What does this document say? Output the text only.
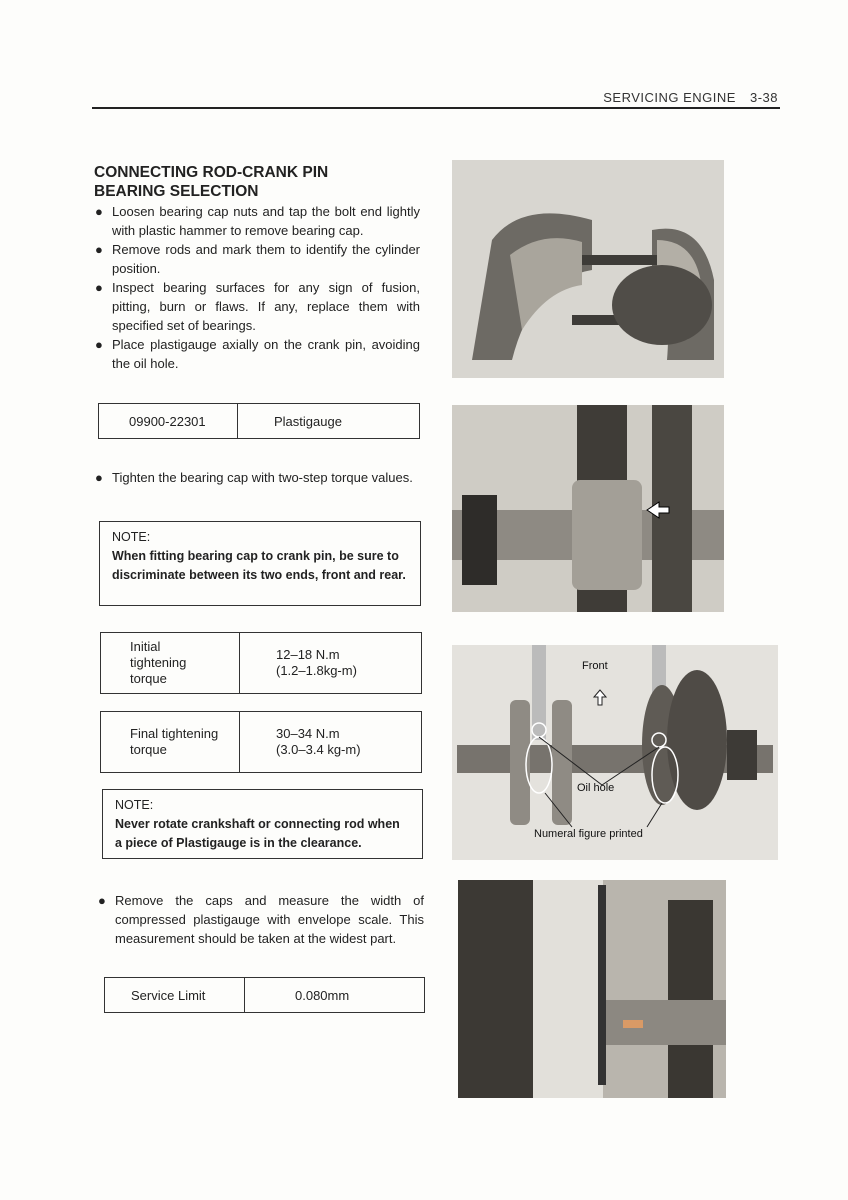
SERVICING ENGINE 3-38
CONNECTING ROD-CRANK PIN
BEARING SELECTION
● Loosen bearing cap nuts and tap the bolt end lightly with plastic hammer to remove bearing cap.
● Remove rods and mark them to identify the cylinder position.
● Inspect bearing surfaces for any sign of fusion, pitting, burn or flaws. If any, replace them with specified set of bearings.
● Place plastigauge axially on the crank pin, avoiding the oil hole.
09900-22301	Plastigauge
● Tighten the bearing cap with two-step torque values.
NOTE:
When fitting bearing cap to crank pin, be sure to discriminate between its two ends, front and rear.
Initial tightening torque
12–18 N.m
(1.2–1.8kg-m)
Final tightening torque
30–34 N.m
(3.0–3.4 kg-m)
NOTE:
Never rotate crankshaft or connecting rod when a piece of Plastigauge is in the clearance.
● Remove the caps and measure the width of compressed plastigauge with envelope scale. This measurement should be taken at the widest part.
Service Limit	0.080mm
Front
Oil hole
Numeral figure printed
